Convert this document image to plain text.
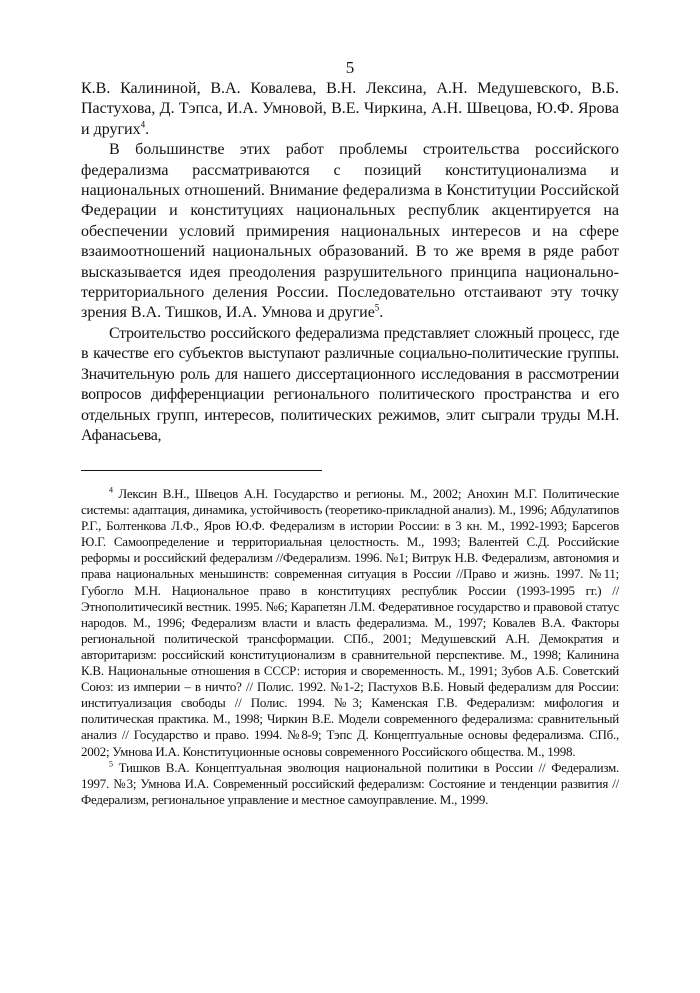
5

К.В. Калининой, В.А. Ковалева, В.Н. Лексина, А.Н. Медушевского, В.Б. Пастухова, Д. Тэпса, И.А. Умновой, В.Е. Чиркина, А.Н. Швецова, Ю.Ф. Ярова и других$^4$.

В большинстве этих работ проблемы строительства российского федерализма рассматриваются с позиций конституционализма и национальных отношений. Внимание федерализма в Конституции Российской Федерации и конституциях национальных республик акцентируется на обеспечении условий примирения национальных интересов и на сфере взаимоотношений национальных образований. В то же время в ряде работ высказывается идея преодоления разрушительного принципа национально-территориального деления России. Последовательно отстаивают эту точку зрения В.А. Тишков, И.А. Умнова и другие$^5$.

Строительство российского федерализма представляет сложный процесс, где в качестве его субъектов выступают различные социально-политические группы. Значительную роль для нашего диссертационного исследования в рассмотрении вопросов дифференциации регионального политического пространства и его отдельных групп, интересов, политических режимов, элит сыграли труды М.Н. Афанасьева,

$^4$ Лексин В.Н., Швецов А.Н. Государство и регионы. М., 2002; Анохин М.Г. Политические системы: адаптация, динамика, устойчивость (теоретико-прикладной анализ). М., 1996; Абдулатипов Р.Г., Болтенкова Л.Ф., Яров Ю.Ф. Федерализм в истории России: в 3 кн. М., 1992-1993; Барсегов Ю.Г. Самоопределение и территориальная целостность. М., 1993; Валентей С.Д. Российские реформы и российский федерализм //Федерализм. 1996. №1; Витрук Н.В. Федерализм, автономия и права национальных меньшинств: современная ситуация в России //Право и жизнь. 1997. №11; Губогло М.Н. Национальное право в конституциях республик России (1993-1995 гг.) //Этнополитичесикй вестник. 1995. №6; Карапетян Л.М. Федеративное государство и правовой статус народов. М., 1996; Федерализм власти и власть федерализма. М., 1997; Ковалев В.А. Факторы региональной политической трансформации. СПб., 2001; Медушевский А.Н. Демократия и авторитаризм: российский конституционализм в сравнительной перспективе. М., 1998; Калинина К.В. Национальные отношения в СССР: история и своременность. М., 1991; Зубов А.Б. Советский Союз: из империи – в ничто? // Полис. 1992. №1-2; Пастухов В.Б. Новый федерализм для России: институализация свободы // Полис. 1994. №3; Каменская Г.В. Федерализм: мифология и политическая практика. М., 1998; Чиркин В.Е. Модели современного федерализма: сравнительный анализ // Государство и право. 1994. №8-9; Тэпс Д. Концептуальные основы федерализма. СПб., 2002; Умнова И.А. Конституционные основы современного Российского общества. М., 1998.

$^5$ Тишков В.А. Концептуальная эволюция национальной политики в России // Федерализм. 1997. №3; Умнова И.А. Современный российский федерализм: Состояние и тенденции развития //Федерализм, региональное управление и местное самоуправление. М., 1999.
